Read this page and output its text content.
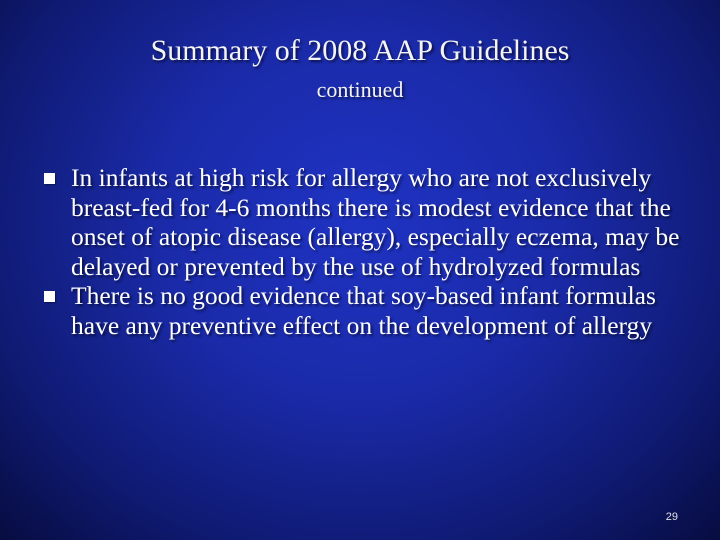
Summary of 2008 AAP Guidelines
continued
In infants at high risk for allergy who are not exclusively breast-fed for 4-6 months there is modest evidence that the onset of atopic disease (allergy), especially eczema, may be delayed or prevented by the use of hydrolyzed formulas
There is no good evidence that soy-based infant formulas have any preventive effect on the development of allergy
29
